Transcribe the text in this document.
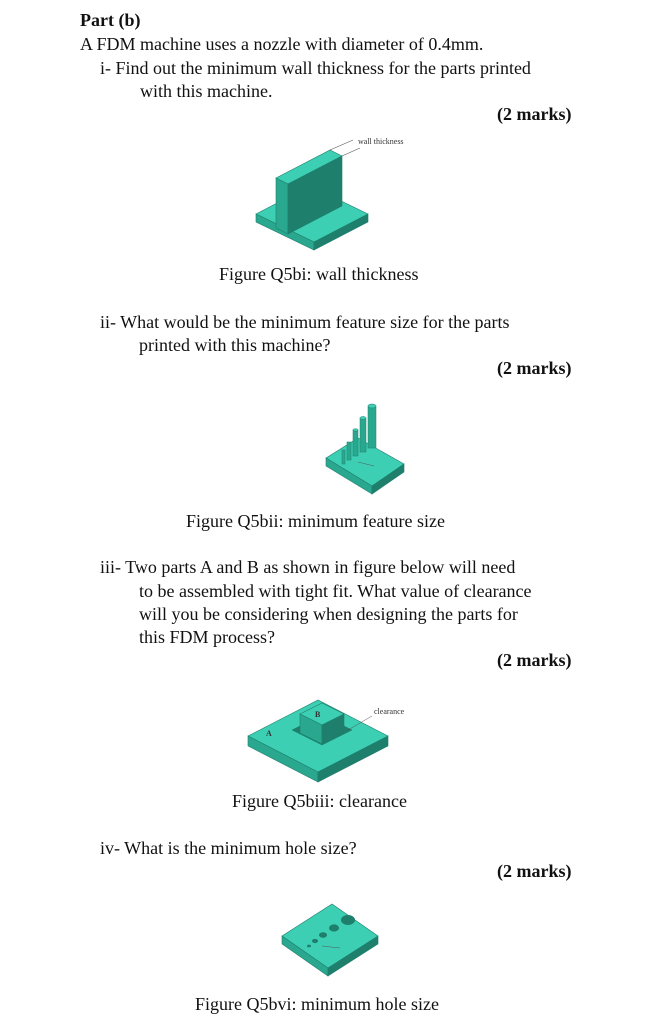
Part (b)
A FDM machine uses a nozzle with diameter of 0.4mm.
i- Find out the minimum wall thickness for the parts printed
with this machine.
(2 marks)
wall thickness
Figure Q5bi: wall thickness
ii- What would be the minimum feature size for the parts
printed with this machine?
(2 marks)
Figure Q5bii: minimum feature size
iii- Two parts A and B as shown in figure below will need
to be assembled with tight fit. What value of clearance
will you be considering when designing the parts for
this FDM process?
(2 marks)
B
A
clearance
Figure Q5biii: clearance
iv- What is the minimum hole size?
(2 marks)
Figure Q5bvi: minimum hole size
